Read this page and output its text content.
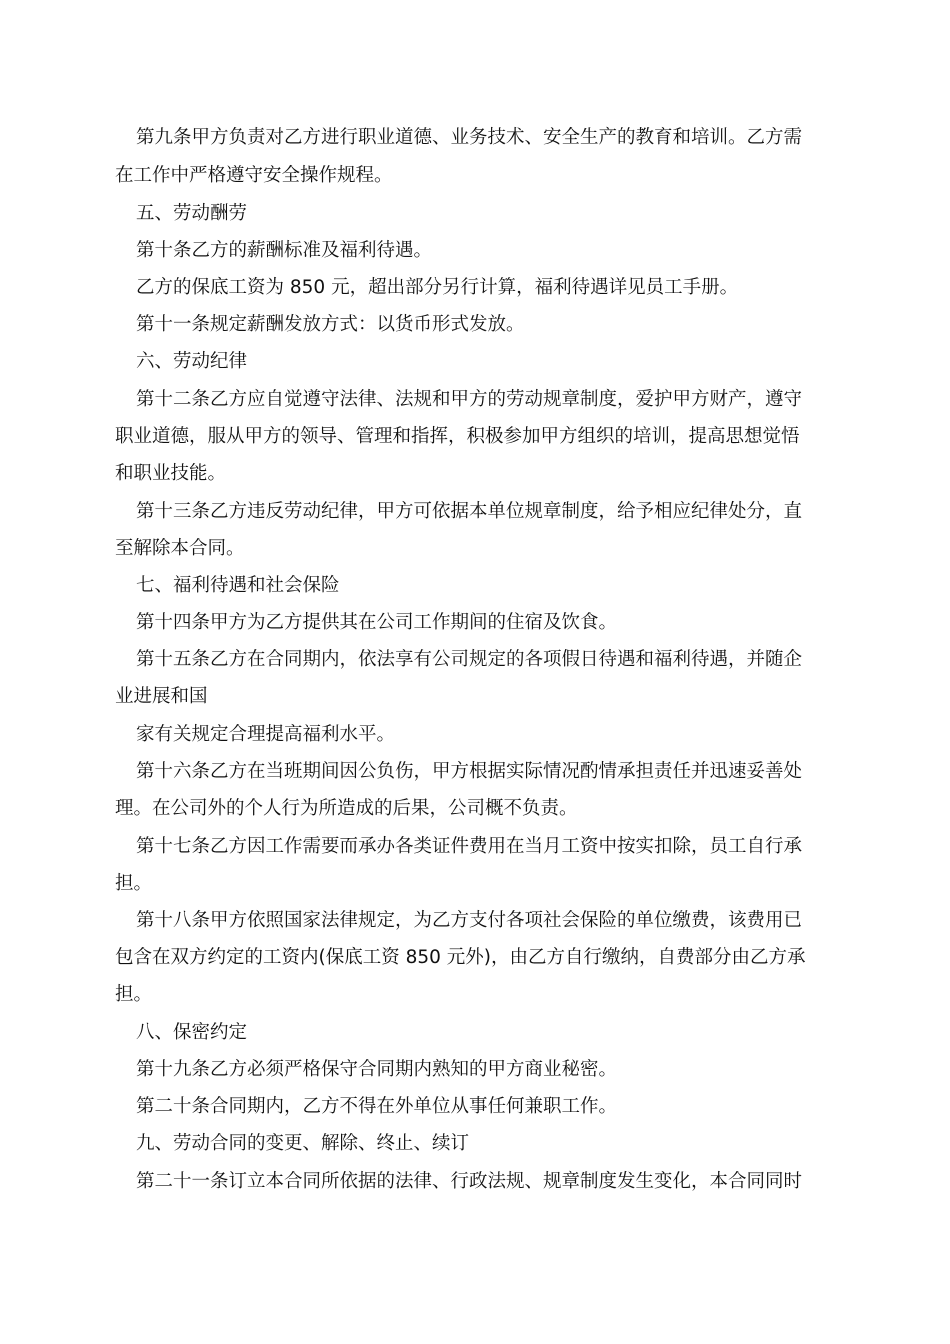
第九条甲方负责对乙方进行职业道德、业务技术、安全生产的教育和培训。乙方需
在工作中严格遵守安全操作规程。
五、劳动酬劳
第十条乙方的薪酬标准及福利待遇。
乙方的保底工资为 850 元，超出部分另行计算，福利待遇详见员工手册。
第十一条规定薪酬发放方式：以货币形式发放。
六、劳动纪律
第十二条乙方应自觉遵守法律、法规和甲方的劳动规章制度，爱护甲方财产，遵守
职业道德，服从甲方的领导、管理和指挥，积极参加甲方组织的培训，提高思想觉悟
和职业技能。
第十三条乙方违反劳动纪律，甲方可依据本单位规章制度，给予相应纪律处分，直
至解除本合同。
七、福利待遇和社会保险
第十四条甲方为乙方提供其在公司工作期间的住宿及饮食。
第十五条乙方在合同期内，依法享有公司规定的各项假日待遇和福利待遇，并随企
业进展和国
家有关规定合理提高福利水平。
第十六条乙方在当班期间因公负伤，甲方根据实际情况酌情承担责任并迅速妥善处
理。在公司外的个人行为所造成的后果，公司概不负责。
第十七条乙方因工作需要而承办各类证件费用在当月工资中按实扣除，员工自行承
担。
第十八条甲方依照国家法律规定，为乙方支付各项社会保险的单位缴费，该费用已
包含在双方约定的工资内(保底工资 850 元外)，由乙方自行缴纳，自费部分由乙方承
担。
八、保密约定
第十九条乙方必须严格保守合同期内熟知的甲方商业秘密。
第二十条合同期内，乙方不得在外单位从事任何兼职工作。
九、劳动合同的变更、解除、终止、续订
第二十一条订立本合同所依据的法律、行政法规、规章制度发生变化，本合同同时
